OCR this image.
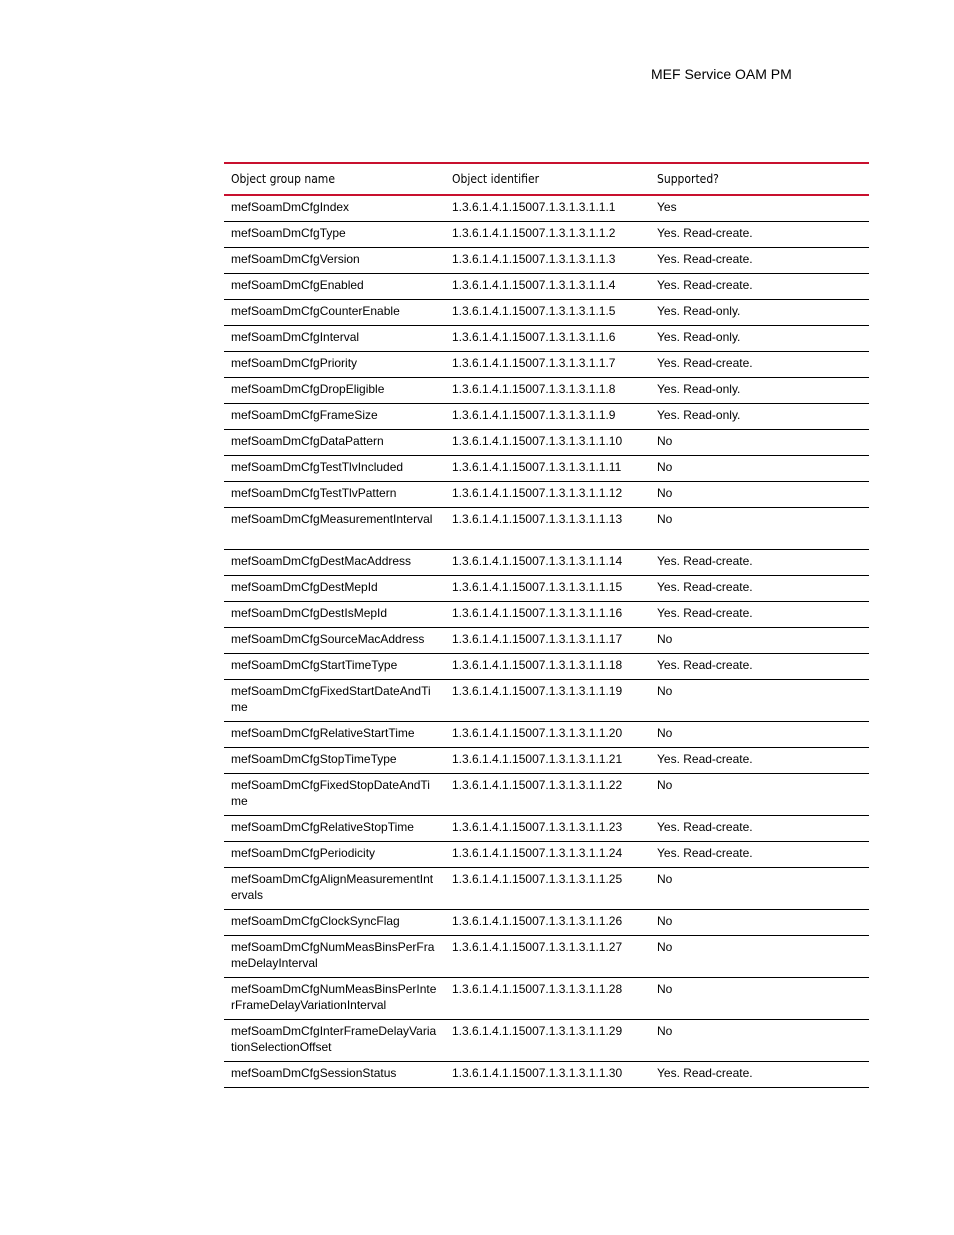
MEF Service OAM PM
Object group name	Object identifier	Supported?
mefSoamDmCfgIndex	1.3.6.1.4.1.15007.1.3.1.3.1.1.1	Yes
mefSoamDmCfgType	1.3.6.1.4.1.15007.1.3.1.3.1.1.2	Yes. Read-create.
mefSoamDmCfgVersion	1.3.6.1.4.1.15007.1.3.1.3.1.1.3	Yes. Read-create.
mefSoamDmCfgEnabled	1.3.6.1.4.1.15007.1.3.1.3.1.1.4	Yes. Read-create.
mefSoamDmCfgCounterEnable	1.3.6.1.4.1.15007.1.3.1.3.1.1.5	Yes. Read-only.
mefSoamDmCfgInterval	1.3.6.1.4.1.15007.1.3.1.3.1.1.6	Yes. Read-only.
mefSoamDmCfgPriority	1.3.6.1.4.1.15007.1.3.1.3.1.1.7	Yes. Read-create.
mefSoamDmCfgDropEligible	1.3.6.1.4.1.15007.1.3.1.3.1.1.8	Yes. Read-only.
mefSoamDmCfgFrameSize	1.3.6.1.4.1.15007.1.3.1.3.1.1.9	Yes. Read-only.
mefSoamDmCfgDataPattern	1.3.6.1.4.1.15007.1.3.1.3.1.1.10	No
mefSoamDmCfgTestTlvIncluded	1.3.6.1.4.1.15007.1.3.1.3.1.1.11	No
mefSoamDmCfgTestTlvPattern	1.3.6.1.4.1.15007.1.3.1.3.1.1.12	No
mefSoamDmCfgMeasurementInterval	1.3.6.1.4.1.15007.1.3.1.3.1.1.13	No
mefSoamDmCfgDestMacAddress	1.3.6.1.4.1.15007.1.3.1.3.1.1.14	Yes. Read-create.
mefSoamDmCfgDestMepId	1.3.6.1.4.1.15007.1.3.1.3.1.1.15	Yes. Read-create.
mefSoamDmCfgDestIsMepId	1.3.6.1.4.1.15007.1.3.1.3.1.1.16	Yes. Read-create.
mefSoamDmCfgSourceMacAddress	1.3.6.1.4.1.15007.1.3.1.3.1.1.17	No
mefSoamDmCfgStartTimeType	1.3.6.1.4.1.15007.1.3.1.3.1.1.18	Yes. Read-create.
mefSoamDmCfgFixedStartDateAndTime	1.3.6.1.4.1.15007.1.3.1.3.1.1.19	No
mefSoamDmCfgRelativeStartTime	1.3.6.1.4.1.15007.1.3.1.3.1.1.20	No
mefSoamDmCfgStopTimeType	1.3.6.1.4.1.15007.1.3.1.3.1.1.21	Yes. Read-create.
mefSoamDmCfgFixedStopDateAndTime	1.3.6.1.4.1.15007.1.3.1.3.1.1.22	No
mefSoamDmCfgRelativeStopTime	1.3.6.1.4.1.15007.1.3.1.3.1.1.23	Yes. Read-create.
mefSoamDmCfgPeriodicity	1.3.6.1.4.1.15007.1.3.1.3.1.1.24	Yes. Read-create.
mefSoamDmCfgAlignMeasurementIntervals	1.3.6.1.4.1.15007.1.3.1.3.1.1.25	No
mefSoamDmCfgClockSyncFlag	1.3.6.1.4.1.15007.1.3.1.3.1.1.26	No
mefSoamDmCfgNumMeasBinsPerFrameDelayInterval	1.3.6.1.4.1.15007.1.3.1.3.1.1.27	No
mefSoamDmCfgNumMeasBinsPerInterFrameDelayVariationInterval	1.3.6.1.4.1.15007.1.3.1.3.1.1.28	No
mefSoamDmCfgInterFrameDelayVariationSelectionOffset	1.3.6.1.4.1.15007.1.3.1.3.1.1.29	No
mefSoamDmCfgSessionStatus	1.3.6.1.4.1.15007.1.3.1.3.1.1.30	Yes. Read-create.
